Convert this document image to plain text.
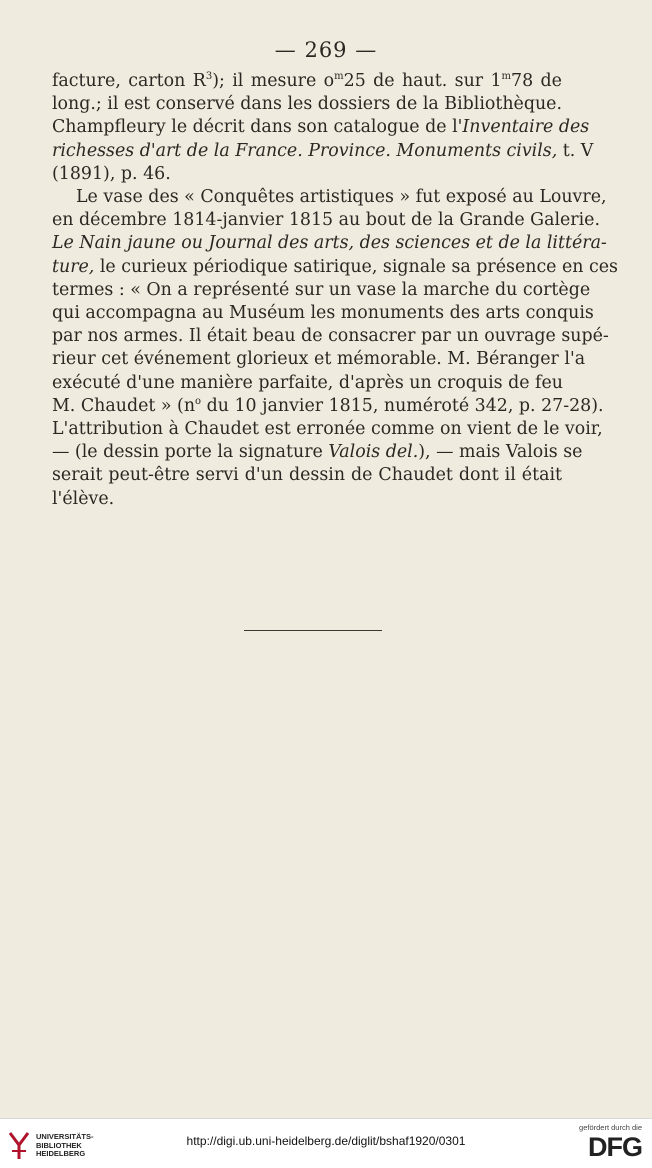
— 269 —

facture, carton $R^3$); il mesure $o^m25$ de haut. sur 1$^m$78 de
long.; il est conservé dans les dossiers de la Bibliothèque.
Champfleury le décrit dans son catalogue de l'Inventaire des
richesses d'art de la France. Province. Monuments civils, t. V
(1891), p. 46.

Le vase des « Conquêtes artistiques » fut exposé au Louvre,
en décembre 1814-janvier 1815 au bout de la Grande Galerie.
Le Nain jaune ou Journal des arts, des sciences et de la littéra-
ture, le curieux périodique satirique, signale sa présence en ces
termes : « On a représenté sur un vase la marche du cortège
qui accompagna au Muséum les monuments des arts conquis
par nos armes. Il était beau de consacrer par un ouvrage supé-
rieur cet événement glorieux et mémorable. M. Béranger l'a
exécuté d'une manière parfaite, d'après un croquis de feu
M. Chaudet » ($n^o$ du 10 janvier 1815, numéroté 342, p. 27-28).
L'attribution à Chaudet est erronée comme on vient de le voir,
— (le dessin porte la signature Valois del.), — mais Valois se
serait peut-être servi d'un dessin de Chaudet dont il était
l'élève.

UNIVERSITÄTS-
BIBLIOTHEK
HEIDELBERG
http://digi.ub.uni-heidelberg.de/diglit/bshaf1920/0301
gefördert durch die
DFG
